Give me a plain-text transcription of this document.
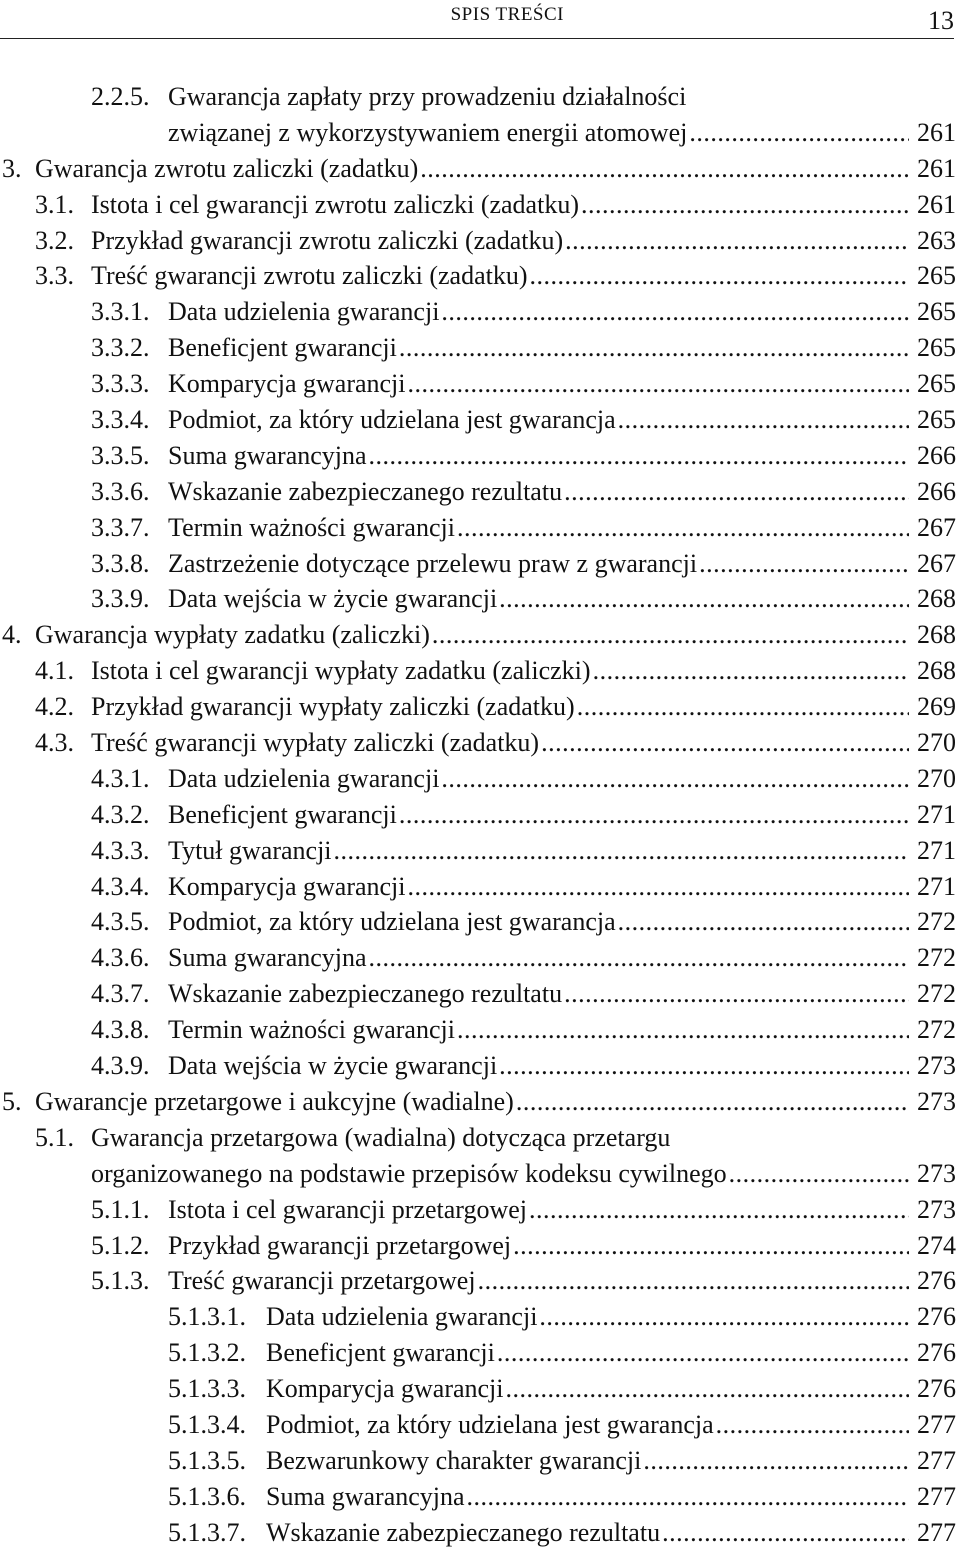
SPIS TREŚCI	13
2.2.5. Gwarancja zapłaty przy prowadzeniu działalności
związanej z wykorzystywaniem energii atomowej .....	261
3. Gwarancja zwrotu zaliczki (zadatku) .....	261
3.1. Istota i cel gwarancji zwrotu zaliczki (zadatku) .....	261
3.2. Przykład gwarancji zwrotu zaliczki (zadatku) .....	263
3.3. Treść gwarancji zwrotu zaliczki (zadatku) .....	265
3.3.1. Data udzielenia gwarancji .....	265
3.3.2. Beneficjent gwarancji .....	265
3.3.3. Komparycja gwarancji .....	265
3.3.4. Podmiot, za który udzielana jest gwarancja .....	265
3.3.5. Suma gwarancyjna .....	266
3.3.6. Wskazanie zabezpieczanego rezultatu .....	266
3.3.7. Termin ważności gwarancji .....	267
3.3.8. Zastrzeżenie dotyczące przelewu praw z gwarancji .....	267
3.3.9. Data wejścia w życie gwarancji .....	268
4. Gwarancja wypłaty zadatku (zaliczki) .....	268
4.1. Istota i cel gwarancji wypłaty zadatku (zaliczki) .....	268
4.2. Przykład gwarancji wypłaty zaliczki (zadatku) .....	269
4.3. Treść gwarancji wypłaty zaliczki (zadatku) .....	270
4.3.1. Data udzielenia gwarancji .....	270
4.3.2. Beneficjent gwarancji .....	271
4.3.3. Tytuł gwarancji .....	271
4.3.4. Komparycja gwarancji .....	271
4.3.5. Podmiot, za który udzielana jest gwarancja .....	272
4.3.6. Suma gwarancyjna .....	272
4.3.7. Wskazanie zabezpieczanego rezultatu .....	272
4.3.8. Termin ważności gwarancji .....	272
4.3.9. Data wejścia w życie gwarancji .....	273
5. Gwarancje przetargowe i aukcyjne (wadialne) .....	273
5.1. Gwarancja przetargowa (wadialna) dotycząca przetargu
organizowanego na podstawie przepisów kodeksu cywilnego .....	273
5.1.1. Istota i cel gwarancji przetargowej .....	273
5.1.2. Przykład gwarancji przetargowej .....	274
5.1.3. Treść gwarancji przetargowej .....	276
5.1.3.1. Data udzielenia gwarancji .....	276
5.1.3.2. Beneficjent gwarancji .....	276
5.1.3.3. Komparycja gwarancji .....	276
5.1.3.4. Podmiot, za który udzielana jest gwarancja .....	277
5.1.3.5. Bezwarunkowy charakter gwarancji .....	277
5.1.3.6. Suma gwarancyjna .....	277
5.1.3.7. Wskazanie zabezpieczanego rezultatu .....	277
